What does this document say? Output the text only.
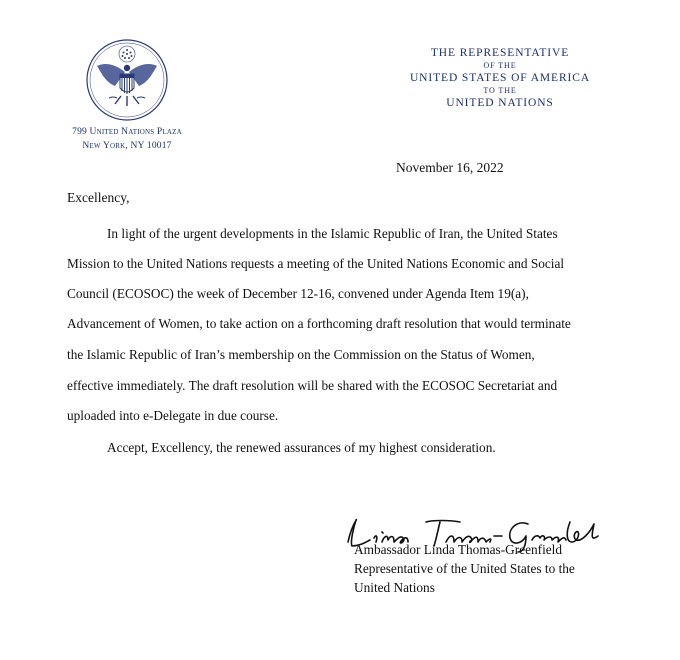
799 United Nations Plaza
New York, NY 10017
THE REPRESENTATIVE
OF THE
UNITED STATES OF AMERICA
TO THE
UNITED NATIONS
November 16, 2022
Excellency,
In light of the urgent developments in the Islamic Republic of Iran, the United States
Mission to the United Nations requests a meeting of the United Nations Economic and Social
Council (ECOSOC) the week of December 12-16, convened under Agenda Item 19(a),
Advancement of Women, to take action on a forthcoming draft resolution that would terminate
the Islamic Republic of Iran’s membership on the Commission on the Status of Women,
effective immediately. The draft resolution will be shared with the ECOSOC Secretariat and
uploaded into e-Delegate in due course.
Accept, Excellency, the renewed assurances of my highest consideration.
Ambassador Linda Thomas-Greenfield
Representative of the United States to the
United Nations
